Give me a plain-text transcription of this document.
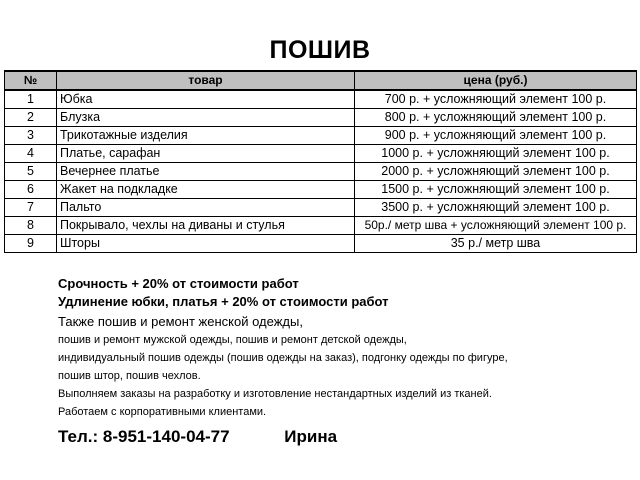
ПОШИВ
№	товар	цена (руб.)
1	Юбка	700 р. + усложняющий элемент 100 р.
2	Блузка	800 р. + усложняющий элемент 100 р.
3	Трикотажные изделия	900 р. + усложняющий элемент 100 р.
4	Платье, сарафан	1000 р. + усложняющий элемент 100 р.
5	Вечернее платье	2000 р. + усложняющий элемент 100 р.
6	Жакет на подкладке	1500 р. + усложняющий элемент 100 р.
7	Пальто	3500 р. + усложняющий элемент 100 р.
8	Покрывало, чехлы на диваны и стулья	50р./ метр шва + усложняющий элемент 100 р.
9	Шторы	35 р./ метр шва
Срочность + 20% от стоимости работ
Удлинение юбки, платья + 20% от стоимости работ
Также пошив и ремонт женской одежды,
пошив и ремонт мужской одежды, пошив и ремонт детской одежды,
индивидуальный пошив одежды (пошив одежды на заказ), подгонку одежды по фигуре,
пошив штор, пошив чехлов.
Выполняем заказы на разработку и изготовление нестандартных изделий из тканей.
Работаем с корпоративными клиентами.
Тел.: 8-951-140-04-77	Ирина
